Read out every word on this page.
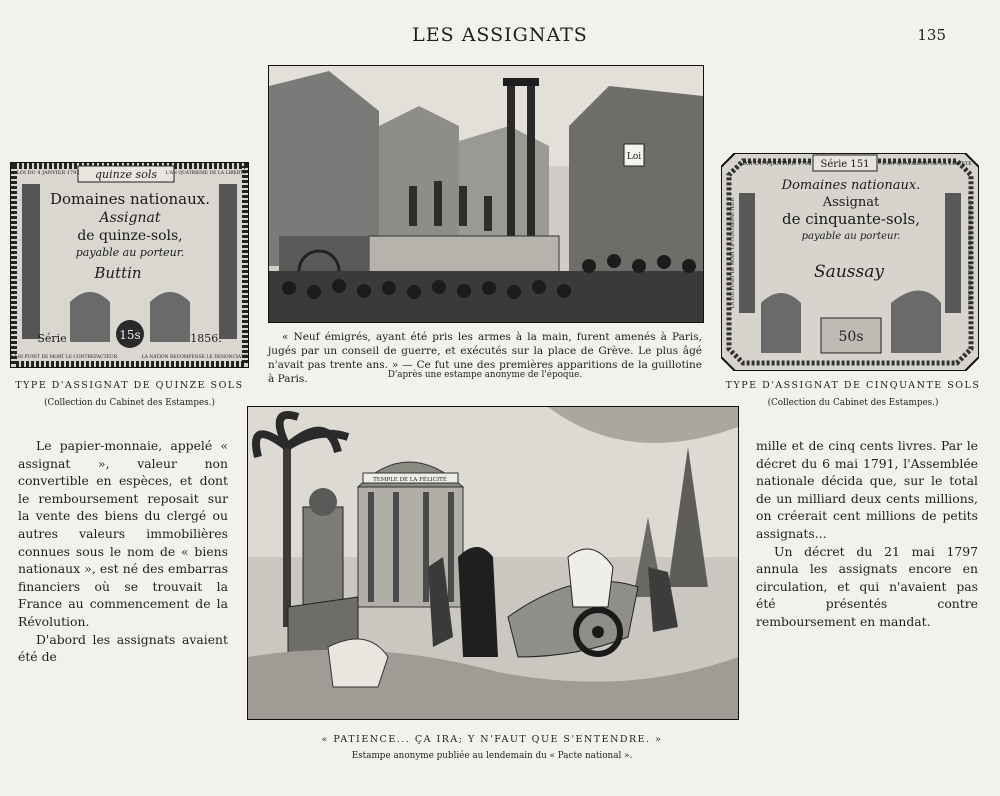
LES ASSIGNATS	135
quinze sols
LOI DU 4 JANVIER 1792	L'AN QUATRIEME DE LA LIBERTE
Domaines nationaux.
Assignat
de quinze-sols,
payable au porteur.
Buttin
15s
Série	1856.
LA LOI PUNIT DE MORT LE CONTREFACTEUR	LA NATION RECOMPENSE LE DENONCIATEUR
TYPE D'ASSIGNAT DE QUINZE SOLS
(Collection du Cabinet des Estampes.)
Loi

« Neuf émigrés, ayant été pris les armes à la main, furent amenés à Paris, jugés par un conseil de guerre, et exécutés sur la place de Grève. Le plus âgé n'avait pas trente ans. » — Ce fut une des premières apparitions de la guillotine à Paris.	D'après une estampe anonyme de l'époque.
LOI DU 4 JANVIER 1792 Série 151	L'AN QUATRIEME DE LA LIBERTE
Domaines nationaux.
Assignat
de cinquante-sols,
payable au porteur.
Saussay
50s
LA LOI PUNIT DE MORT LE CONTREFACTEUR	LA NATION RECOMPENSE LE DENONCIATEUR
TYPE D'ASSIGNAT DE CINQUANTE SOLS
(Collection du Cabinet des Estampes.)

Le papier-monnaie, appelé « assignat », valeur non convertible en espèces, et dont le remboursement reposait sur la vente des biens du clergé ou autres valeurs immobilières connues sous le nom de « biens nationaux », est né des embarras financiers où se trouvait la France au commencement de la Révolution.

D'abord les assignats avaient été de

mille et de cinq cents livres. Par le décret du 6 mai 1791, l'Assemblée nationale décida que, sur le total de un milliard deux cents millions, on créerait cent millions de petits assignats...

Un décret du 21 mai 1797 annula les assignats encore en circulation, et qui n'avaient pas été présentés contre remboursement en mandat.

TEMPLE DE LA FÉLICITÉ
« PATIENCE... ÇA IRA; Y N'FAUT QUE S'ENTENDRE. »
Estampe anonyme publiée au lendemain du « Pacte national ».
